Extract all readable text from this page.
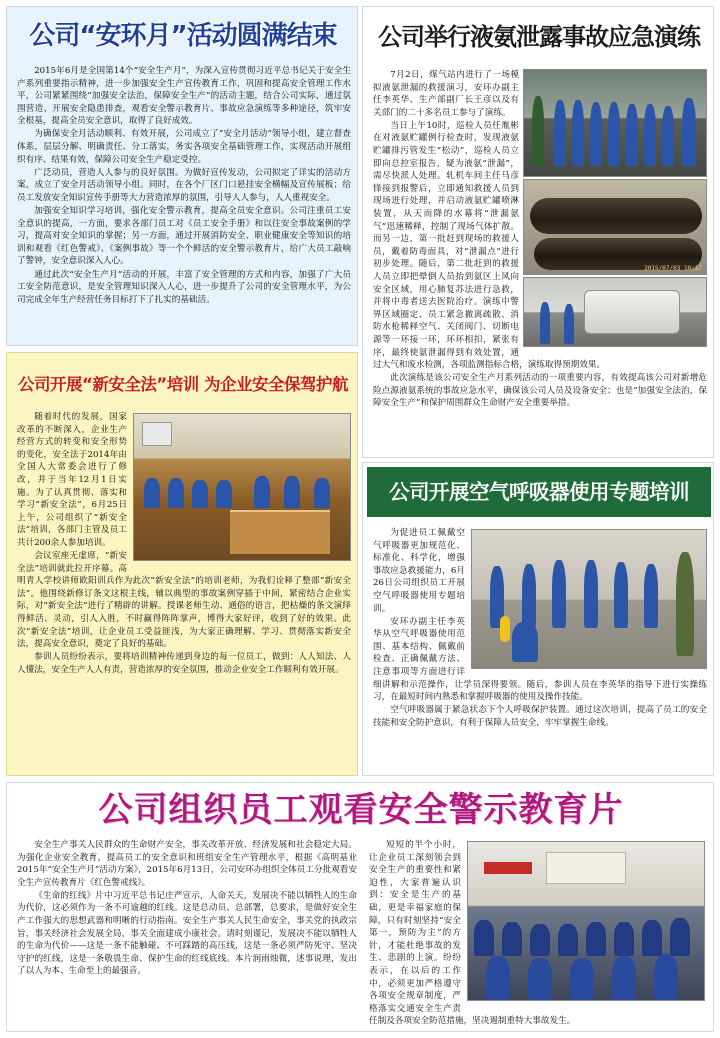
公司“安环月”活动圆满结束

2015年6月是全国第14个“安全生产月”，为深入宣传贯彻习近平总书记关于安全生产系列重要指示精神，进一步加强安全生产宣传教育工作，巩固和提高安全管理工作水平，公司紧紧围绕“加强安全法治，保障安全生产”的活动主题，结合公司实际，通过氛围营造、开展安全隐患排查，观看安全警示教育片、事故应急演练等多种途径，筑牢安全根基，提高全员安全意识，取得了良好成效。

为确保安全月活动顺利、有效开展，公司成立了“安全月活动”领导小组，建立督查体系，层层分解、明确责任、分工落实，务实各项安全基础管理工作，实现活动开展组织有序、结果有效，保障公司安全生产稳定受控。

广泛动员，营造人人参与的良好氛围。为做好宣传发动，公司拟定了详实的活动方案，成立了安全月活动领导小组。同时，在各个厂区门口悬挂安全横幅及宣传展板；给员工发放安全知识宣传手册等大力营造浓厚的氛围，引导人人参与，人人重视安全。

加强安全知识学习培训，强化安全警示教育，提高全员安全意识。公司注重员工安全意识的提高，一方面，要求各部门员工对《员工安全手册》和以往安全事故案例的学习，提高对安全知识的掌握；另一方面，通过开展消防安全、职业健康安全等知识的培训和观看《红色警戒》、《案例事故》等一个个鲜活的安全警示教育片，给广大员工敲响了警钟，安全意识深入人心。

通过此次“安全生产月”活动的开展，丰富了安全管理的方式和内容，加强了广大员工安全防范意识，是安全管理知识深入人心，进一步提升了公司的安全管理水平，为公司完成全年生产经营任务目标打下了扎实的基础活。

公司举行液氨泄露事故应急演练
2015/07/03 10:17

7月2日，煤气站内进行了一场模拟液氨泄漏的救援演习，安环办副主任李英华、生产部副厂长王彦以及有关部门的二十多名员工参与了演练。

当日上午10时，巡检人员任胤彬在对液氨贮罐例行检查时，发现液氨贮罐排污管发生“松动”，巡检人员立即向总控室报告，疑为液氨“泄漏”，需尽快派人处理。轧机车间主任马彦锋接到报警后，立即通知救援人员到现场进行处理，并启动液氨贮罐喷淋装置，从天而降的水幕将“泄漏氨气”迅速稀释，控制了现场气体扩散。而另一边，第一批赶到现场的救援人员，戴着防毒面具，对“泄漏点”进行初步处理。随后，第二批赶到的救援人员立即把晕倒人员抬到氨区上风向安全区域，用心肺复苏法进行急救，并将中毒者送去医院治疗。演练中警界区域圈定、员工紧急撤离疏散、消防水枪稀释空气、关闭阀门、切断电源等一环接一环，环环相扣，紧张有序，最终使氨泄漏得到有效处置，通过大气和废水检测，各项监测指标合格，演练取得预期效果。

此次演练是该公司安全生产月系列活动的一项重要内容，有效提高该公司对新增危险点源液氨系统的事故应急水平，确保该公司人员及设备安全；也是“加强安全法治，保障安全生产”和保护周围群众生命财产安全重要举措。

公司开展“新安全法”培训 为企业安全保驾护航

随着时代的发展，国家改革的不断深入，企业生产经营方式的转变和安全形势的变化，安全法于2014年由全国人大常委会进行了修改，并于当年12月1日实施。为了认真贯彻、落实和学习“新安全法”，6月25日上午，公司组织了“新安全法”培训，各部门主管及员工共计200余人参加培训。

会议室座无虚席，“新安全法”培训就此拉开序幕。高明青人学校讲师欧阳训兵作为此次“新安全法”的培训老师，为我们诠释了整部“新安全法”。他围绕新修订条文这根主线，辅以典型的事故案例穿插于中间，紧密结合企业实际，对“新安全法”进行了精辟的讲解。授课老师生动、通俗的语言，把枯燥的条文演绎得鲜活、灵动，引人入胜，不时赢得阵阵掌声，博得大家好评，收到了好的效果。此次“新安全法”培训，让企业员工受益匪浅，为大家正确理解、学习、贯彻落实新安全法，提高安全意识，奠定了良好的基础。

参训人员纷纷表示，要将培训精神传递到身边的每一位员工，做到：人人知法、人人懂法，安全生产人人有责，营造浓厚的安全氛围，推动企业安全工作顺利有效开展。

公司开展空气呼吸器使用专题培训

为促进员工佩戴空气呼吸器更加规范化、标准化、科学化，增强事故应急救援能力，6月26日公司组织员工开展空气呼吸器使用专题培训。

安环办副主任李英华从空气呼吸器使用范围、基本结构、佩戴前检查、正确佩戴方法、注意事项等方面进行详细讲解和示范操作，让学员深得要领。随后，参训人员在李英华的指导下进行实操练习，在最短时间内熟悉和掌握呼吸器的使用及操作技能。

空气呼吸器属于紧急状态下个人呼吸保护装置。通过这次培训，提高了员工的安全技能和安全防护意识，有利于保障人员安全，牢牢掌握生命线。

公司组织员工观看安全警示教育片

安全生产事关人民群众的生命财产安全，事关改革开放、经济发展和社会稳定大局。为强化企业安全教育，提高员工的安全意识和班组安全生产管理水平，根据《高明基业2015年“安全生产月”活动方案》，2015年6月13日，公司安环办组织全体员工分批观看安全生产宣传教育片《红色警戒线》。

《生命的红线》片中习近平总书记庄严宣示，人命关天，发展决不能以牺牲人的生命为代价，这必须作为一条不可逾越的红线。这是总动员、总部署，总要求，是做好安全生产工作强大的思想武器和明晰的行动指南。安全生产事关人民生命安全，事关党的执政宗旨，事关经济社会发展全局，事关全面建成小康社会。请时刻谨记，发展决不能以牺牲人的生命为代价——这是一条不能触碰、不可踩踏的高压线，这是一条必须严防死守、坚决守护的红线，这是一条敬畏生命、保护生命的红线底线。本片润雨烛微，述事说理，发出了以人为本、生命至上的最强音。

短短的半个小时，让企业员工深刻领会到安全生产的重要性和紧迫性，大家普遍认识到：安全是生产的基础，更是幸福家庭的保障，只有时刻坚持“安全第一，预防为主”的方针，才能杜绝事故的发生、悲剧的上演。纷纷表示，在以后的工作中，必须更加严格遵守各项安全规章制度，严格落实交通安全生产责任制及各项安全防范措施，坚决遏制重特大事故发生。
